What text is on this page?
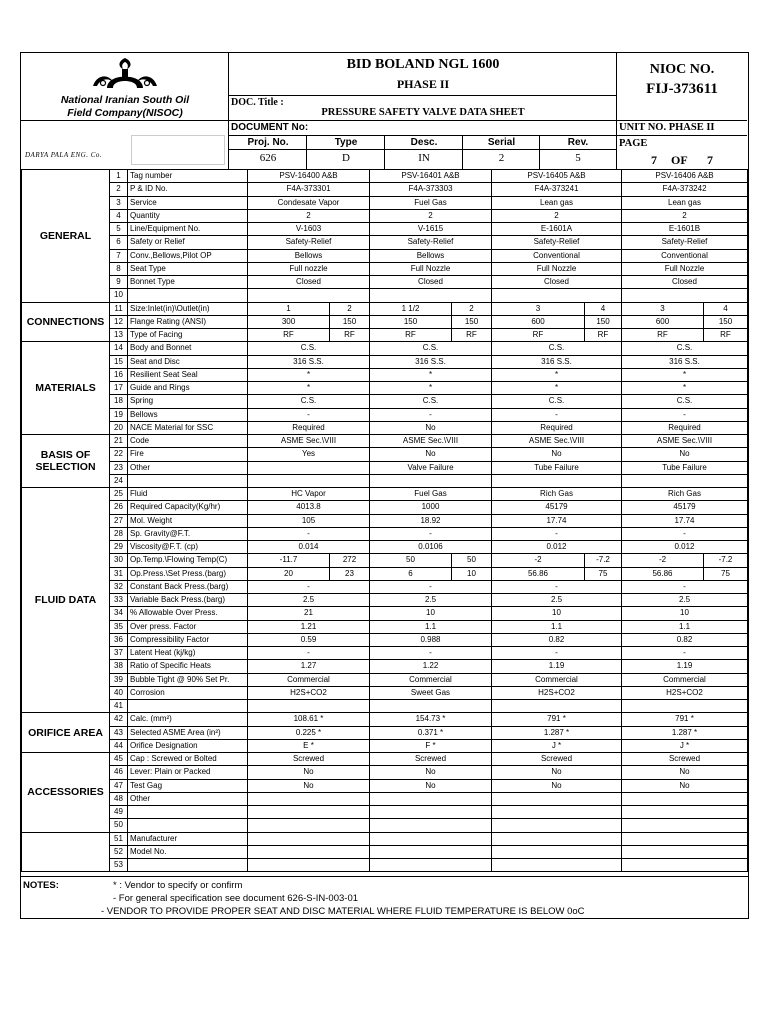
National Iranian South Oil
Field Company(NISOC)
DARYA PALA ENG. Co.
BID BOLAND NGL 1600
PHASE II
DOC. Title :
PRESSURE SAFETY VALVE DATA SHEET
DOCUMENT No:
Proj. No.
626
Type
D
Desc.
IN
Serial
2
Rev.
5
NIOC NO.
FIJ-373611
UNIT NO. PHASE II
PAGE
7 OF 7
GENERAL	1	Tag number	PSV-16400 A&B		PSV-16401 A&B		PSV-16405 A&B		PSV-16406 A&B	
	2	P & ID No.	F4A-373301		F4A-373303		F4A-373241		F4A-373242	
	3	Service	Condesate Vapor		Fuel Gas		Lean gas		Lean gas	
	4	Quantity	2		2		2		2	
	5	Line/Equipment No.	V-1603		V-1615		E-1601A		E-1601B	
	6	Safety or Relief	Safety-Relief		Safety-Relief		Safety-Relief		Safety-Relief	
	7	Conv.,Bellows,Pilot OP	Bellows		Bellows		Conventional		Conventional	
	8	Seat Type	Full nozzle		Full Nozzle		Full Nozzle		Full Nozzle	
	9	Bonnet Type	Closed		Closed		Closed		Closed	
	10									
CONNECTIONS	11	Size:Inlet(in)\Outlet(in)	1	2	1 1/2	2	3	4	3	4
	12	Flange Rating (ANSI)	300	150	150	150	600	150	600	150
	13	Type of Facing	RF	RF	RF	RF	RF	RF	RF	RF
MATERIALS	14	Body and Bonnet	C.S.		C.S.		C.S.		C.S.	
	15	Seat and Disc	316 S.S.		316 S.S.		316 S.S.		316 S.S.	
	16	Resilient Seat Seal	*		*		*		*	
	17	Guide and Rings	*		*		*		*	
	18	Spring	C.S.		C.S.		C.S.		C.S.	
	19	Bellows	-		-		-		-	
	20	NACE Material for SSC	Required		No		Required		Required	
BASIS OF SELECTION	21	Code	ASME Sec.\VIII		ASME Sec.\VIII		ASME Sec.\VIII		ASME Sec.\VIII	
	22	Fire	Yes		No		No		No	
	23	Other			Valve Failure		Tube Failure		Tube Failure	
	24									
FLUID DATA	25	Fluid	HC Vapor		Fuel Gas		Rich Gas		Rich Gas	
	26	Required Capacity(Kg/hr)	4013.8		1000		45179		45179	
	27	Mol. Weight	105		18.92		17.74		17.74	
	28	Sp. Gravity@F.T.	-		-		-		-	
	29	Viscosity@F.T. (cp)	0.014		0.0106		0.012		0.012	
	30	Op.Temp.\Flowing Temp(C)	-11.7	272	50	50	-2	-7.2	-2	-7.2
	31	Op.Press.\Set Press.(barg)	20	23	6	10	56.86	75	56.86	75
	32	Constant Back Press.(barg)	-		-		-		-	
	33	Variable Back Press.(barg)	2.5		2.5		2.5		2.5	
	34	% Allowable Over Press.	21		10		10		10	
	35	Over press. Factor	1.21		1.1		1.1		1.1	
	36	Compressibility Factor	0.59		0.988		0.82		0.82	
	37	Latent Heat (kj/kg)	-		-		-		-	
	38	Ratio of Specific Heats	1.27		1.22		1.19		1.19	
	39	Bubble Tight @ 90% Set Pr.	Commercial		Commercial		Commercial		Commercial	
	40	Corrosion	H2S+CO2		Sweet Gas		H2S+CO2		H2S+CO2	
	41									
ORIFICE AREA	42	Calc. (mm²)	108.61 *		154.73 *		791 *		791 *	
	43	Selected ASME Area (in²)	0.225 *		0.371 *		1.287 *		1.287 *	
	44	Orifice Designation	E *		F *		J *		J *	
ACCESSORIES	45	Cap : Screwed or Bolted	Screwed		Screwed		Screwed		Screwed	
	46	Lever: Plain or Packed	No		No		No		No	
	47	Test Gag	No		No		No		No	
	48	Other								
	49									
	50									
	51	Manufacturer								
	52	Model No.								
	53									
NOTES:	* : Vendor to specify or confirm
- For general specification see document 626-S-IN-003-01
- VENDOR TO PROVIDE PROPER SEAT AND DISC MATERIAL WHERE FLUID TEMPERATURE IS BELOW 0oC
